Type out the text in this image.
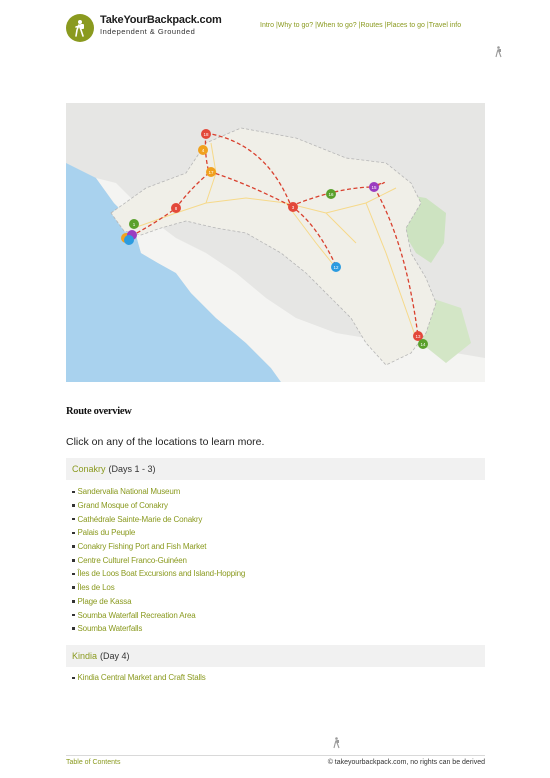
TakeYourBackpack.com
Independent & Grounded
Intro | Why to go? | When to go? | Routes | Places to go | Travel info
18
4
17
8	3
16
15
12
13
14
1
Route overview
Click on any of the locations to learn more.
Conakry (Days 1 - 3)
Sandervalia National Museum
Grand Mosque of Conakry
Cathédrale Sainte-Marie de Conakry
Palais du Peuple
Conakry Fishing Port and Fish Market
Centre Culturel Franco-Guinéen
Îles de Loos Boat Excursions and Island-Hopping
Îles de Los
Plage de Kassa
Soumba Waterfall Recreation Area
Soumba Waterfalls
Kindia (Day 4)
Kindia Central Market and Craft Stalls
Table of Contents	© takeyourbackpack.com, no rights can be derived
